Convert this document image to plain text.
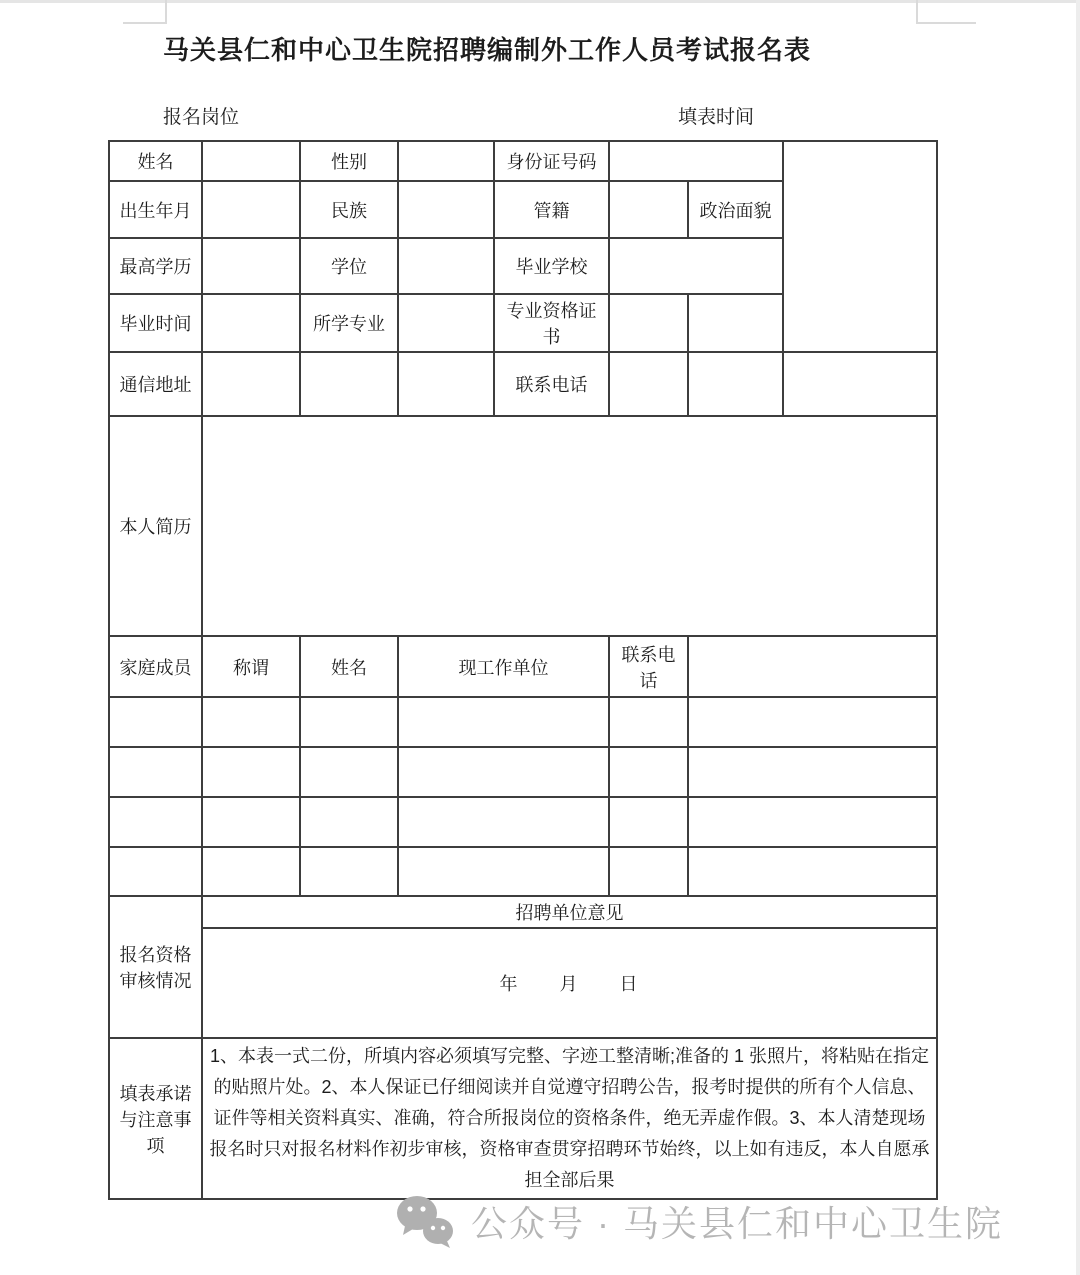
马关县仁和中心卫生院招聘编制外工作人员考试报名表
报名岗位	填表时间
姓名		性别		身份证号码			
出生年月		民族		管籍		政治面貌	
最高学历		学位		毕业学校			
毕业时间		所学专业		专业资格证书			
通信地址				联系电话			
本人简历							
家庭成员	称谓	姓名	现工作单位		联系电话		

报名资格审核情况	招聘单位意见						
	年　　月　　日						
填表承诺与注意事项	1、本表一式二份，所填内容必须填写完整、字迹工整清晰;准备的 1 张照片，将粘贴在指定的贴照片处。2、本人保证已仔细阅读并自觉遵守招聘公告，报考时提供的所有个人信息、证件等相关资料真实、准确，符合所报岗位的资格条件，绝无弄虚作假。3、本人清楚现场报名时只对报名材料作初步审核，资格审查贯穿招聘环节始终，以上如有违反，本人自愿承担全部后果						
公众号 · 马关县仁和中心卫生院
